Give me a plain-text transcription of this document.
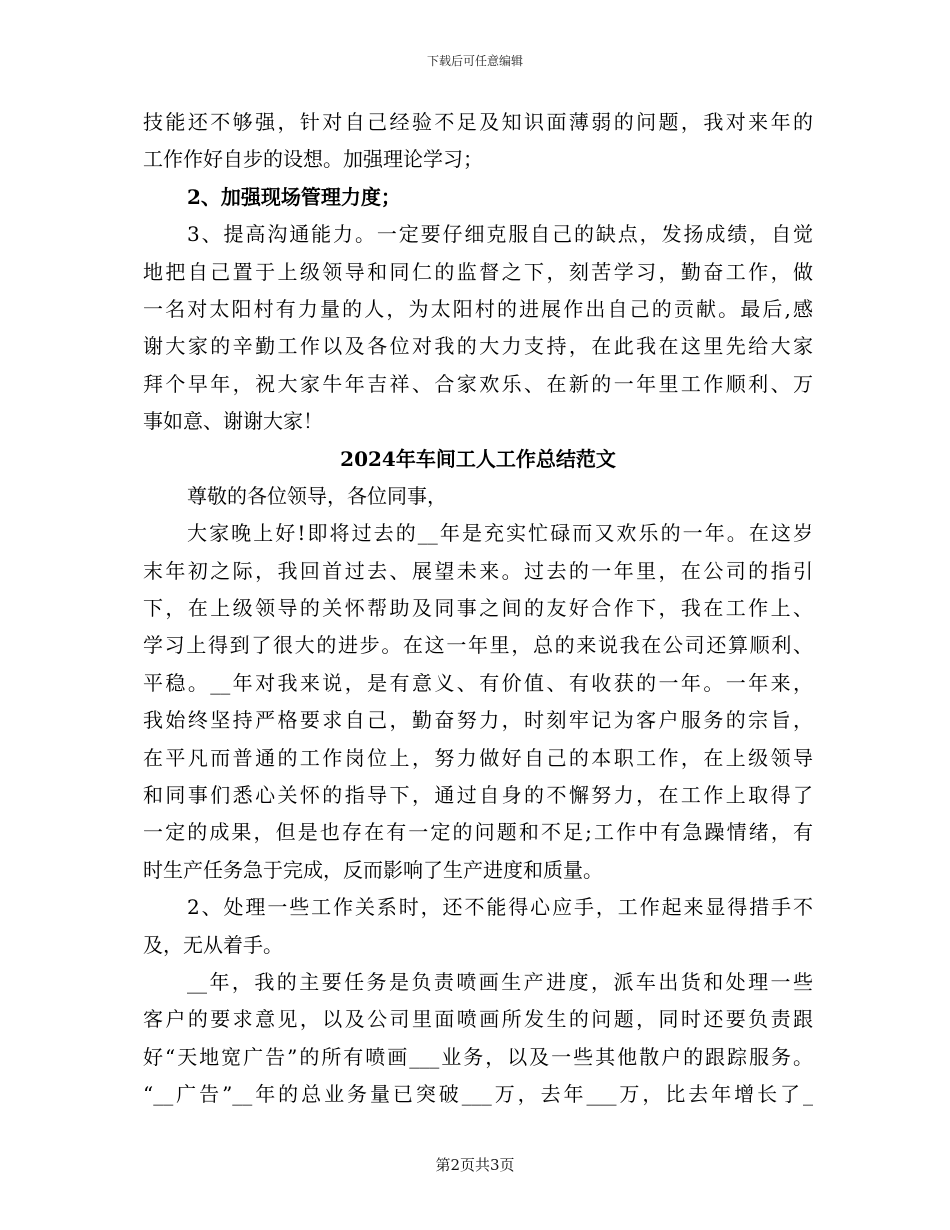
下载后可任意编辑
技能还不够强，针对自己经验不足及知识面薄弱的问题，我对来年的
工作作好自步的设想。加强理论学习；
2、加强现场管理力度；
3、提高沟通能力。一定要仔细克服自己的缺点，发扬成绩，自觉
地把自己置于上级领导和同仁的监督之下，刻苦学习，勤奋工作，做
一名对太阳村有力量的人，为太阳村的进展作出自己的贡献。最后,感
谢大家的辛勤工作以及各位对我的大力支持，在此我在这里先给大家
拜个早年，祝大家牛年吉祥、合家欢乐、在新的一年里工作顺利、万
事如意、谢谢大家！
2024年车间工人工作总结范文
尊敬的各位领导，各位同事，
大家晚上好!即将过去的__年是充实忙碌而又欢乐的一年。在这岁
末年初之际，我回首过去、展望未来。过去的一年里，在公司的指引
下，在上级领导的关怀帮助及同事之间的友好合作下，我在工作上、
学习上得到了很大的进步。在这一年里，总的来说我在公司还算顺利、
平稳。__年对我来说，是有意义、有价值、有收获的一年。一年来，
我始终坚持严格要求自己，勤奋努力，时刻牢记为客户服务的宗旨，
在平凡而普通的工作岗位上，努力做好自己的本职工作，在上级领导
和同事们悉心关怀的指导下，通过自身的不懈努力，在工作上取得了
一定的成果，但是也存在有一定的问题和不足;工作中有急躁情绪，有
时生产任务急于完成，反而影响了生产进度和质量。
2、处理一些工作关系时，还不能得心应手，工作起来显得措手不
及，无从着手。
__年，我的主要任务是负责喷画生产进度，派车出货和处理一些
客户的要求意见，以及公司里面喷画所发生的问题，同时还要负责跟
好“天地宽广告”的所有喷画___业务，以及一些其他散户的跟踪服务。
“__广告”__年的总业务量已突破___万，去年___万，比去年增长了_
第2页共3页
